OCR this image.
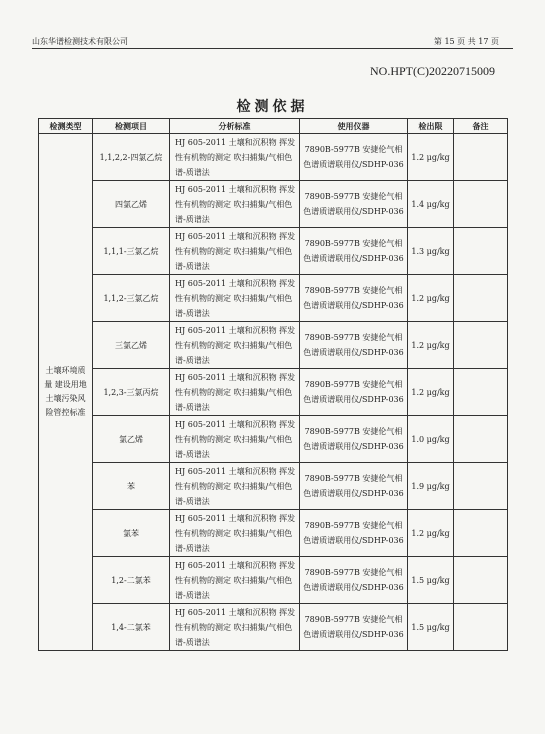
山东华谱检测技术有限公司	第 15 页 共 17 页
NO.HPT(C)20220715009
检测依据
检测类型	检测项目	分析标准	使用仪器	检出限	备注
土壤环境质量 建设用地土壤污染风险管控标准	1,1,2,2-四氯乙烷	HJ 605-2011 土壤和沉积物 挥发性有机物的测定 吹扫捕集/气相色谱-质谱法	7890B-5977B 安捷伦气相色谱质谱联用仪/SDHP-036	1.2 μg/kg	
	四氯乙烯	HJ 605-2011 土壤和沉积物 挥发性有机物的测定 吹扫捕集/气相色谱-质谱法	7890B-5977B 安捷伦气相色谱质谱联用仪/SDHP-036	1.4 μg/kg	
	1,1,1-三氯乙烷	HJ 605-2011 土壤和沉积物 挥发性有机物的测定 吹扫捕集/气相色谱-质谱法	7890B-5977B 安捷伦气相色谱质谱联用仪/SDHP-036	1.3 μg/kg	
	1,1,2-三氯乙烷	HJ 605-2011 土壤和沉积物 挥发性有机物的测定 吹扫捕集/气相色谱-质谱法	7890B-5977B 安捷伦气相色谱质谱联用仪/SDHP-036	1.2 μg/kg	
	三氯乙烯	HJ 605-2011 土壤和沉积物 挥发性有机物的测定 吹扫捕集/气相色谱-质谱法	7890B-5977B 安捷伦气相色谱质谱联用仪/SDHP-036	1.2 μg/kg	
	1,2,3-三氯丙烷	HJ 605-2011 土壤和沉积物 挥发性有机物的测定 吹扫捕集/气相色谱-质谱法	7890B-5977B 安捷伦气相色谱质谱联用仪/SDHP-036	1.2 μg/kg	
	氯乙烯	HJ 605-2011 土壤和沉积物 挥发性有机物的测定 吹扫捕集/气相色谱-质谱法	7890B-5977B 安捷伦气相色谱质谱联用仪/SDHP-036	1.0 μg/kg	
	苯	HJ 605-2011 土壤和沉积物 挥发性有机物的测定 吹扫捕集/气相色谱-质谱法	7890B-5977B 安捷伦气相色谱质谱联用仪/SDHP-036	1.9 μg/kg	
	氯苯	HJ 605-2011 土壤和沉积物 挥发性有机物的测定 吹扫捕集/气相色谱-质谱法	7890B-5977B 安捷伦气相色谱质谱联用仪/SDHP-036	1.2 μg/kg	
	1,2-二氯苯	HJ 605-2011 土壤和沉积物 挥发性有机物的测定 吹扫捕集/气相色谱-质谱法	7890B-5977B 安捷伦气相色谱质谱联用仪/SDHP-036	1.5 μg/kg	
	1,4-二氯苯	HJ 605-2011 土壤和沉积物 挥发性有机物的测定 吹扫捕集/气相色谱-质谱法	7890B-5977B 安捷伦气相色谱质谱联用仪/SDHP-036	1.5 μg/kg	
